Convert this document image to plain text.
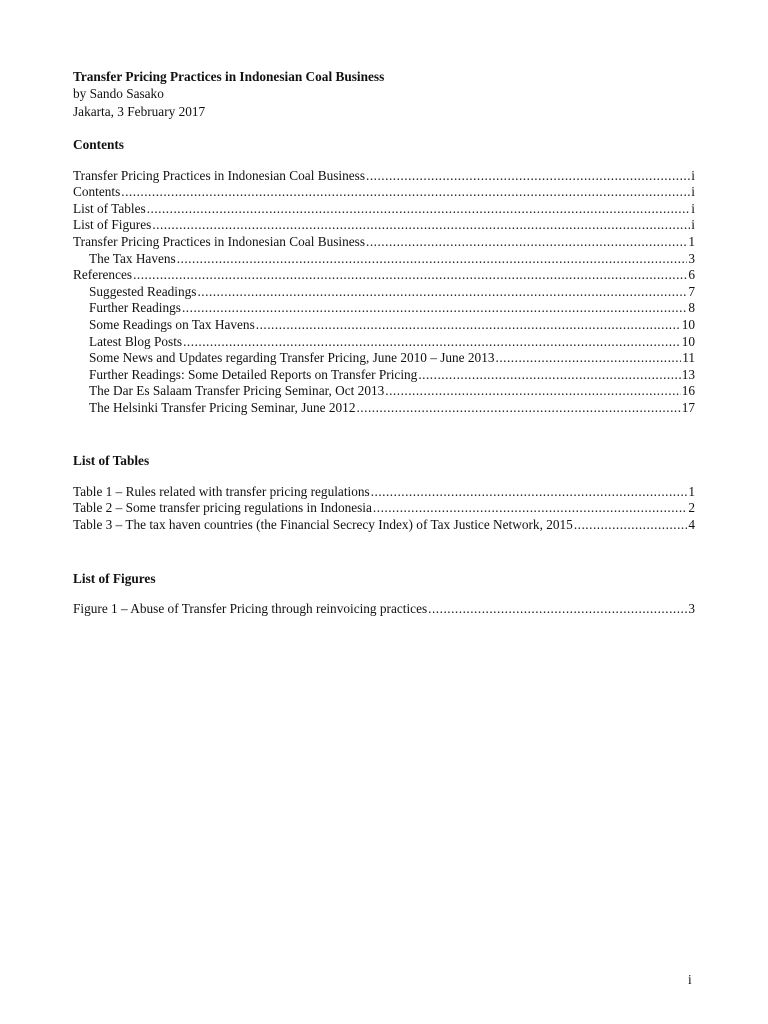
Transfer Pricing Practices in Indonesian Coal Business
by Sando Sasako
Jakarta, 3 February 2017
Contents
Transfer Pricing Practices in Indonesian Coal Business .....	i
Contents .....	i
List of Tables .....	i
List of Figures .....	i
Transfer Pricing Practices in Indonesian Coal Business .....	1
The Tax Havens .....	3
References .....	6
Suggested Readings .....	7
Further Readings .....	8
Some Readings on Tax Havens .....	10
Latest Blog Posts .....	10
Some News and Updates regarding Transfer Pricing, June 2010 – June 2013 .....	11
Further Readings: Some Detailed Reports on Transfer Pricing .....	13
The Dar Es Salaam Transfer Pricing Seminar, Oct 2013 .....	16
The Helsinki Transfer Pricing Seminar, June 2012 .....	17
List of Tables
Table 1 – Rules related with transfer pricing regulations .....	1
Table 2 – Some transfer pricing regulations in Indonesia .....	2
Table 3 – The tax haven countries (the Financial Secrecy Index) of Tax Justice Network, 2015 .....	4
List of Figures
Figure 1 – Abuse of Transfer Pricing through reinvoicing practices .....	3
i
